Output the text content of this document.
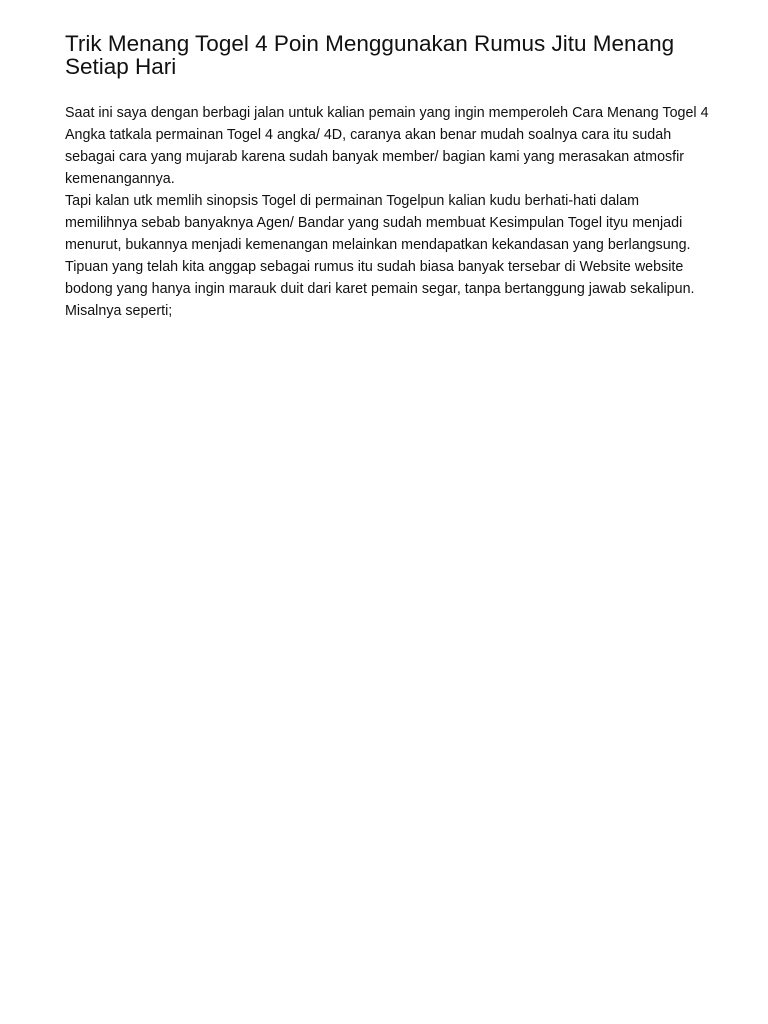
Trik Menang Togel 4 Poin Menggunakan Rumus Jitu Menang Setiap Hari

Saat ini saya dengan berbagi jalan untuk kalian pemain yang ingin memperoleh Cara Menang Togel 4 Angka tatkala permainan Togel 4 angka/ 4D, caranya akan benar mudah soalnya cara itu sudah sebagai cara yang mujarab karena sudah banyak member/ bagian kami yang merasakan atmosfir kemenangannya.

Tapi kalan utk memlih sinopsis Togel di permainan Togelpun kalian kudu berhati-hati dalam memilihnya sebab banyaknya Agen/ Bandar yang sudah membuat Kesimpulan Togel ityu menjadi menurut, bukannya menjadi kemenangan melainkan mendapatkan kekandasan yang berlangsung.

Tipuan yang telah kita anggap sebagai rumus itu sudah biasa banyak tersebar di Website website bodong yang hanya ingin marauk duit dari karet pemain segar, tanpa bertanggung jawab sekalipun. Misalnya seperti;
